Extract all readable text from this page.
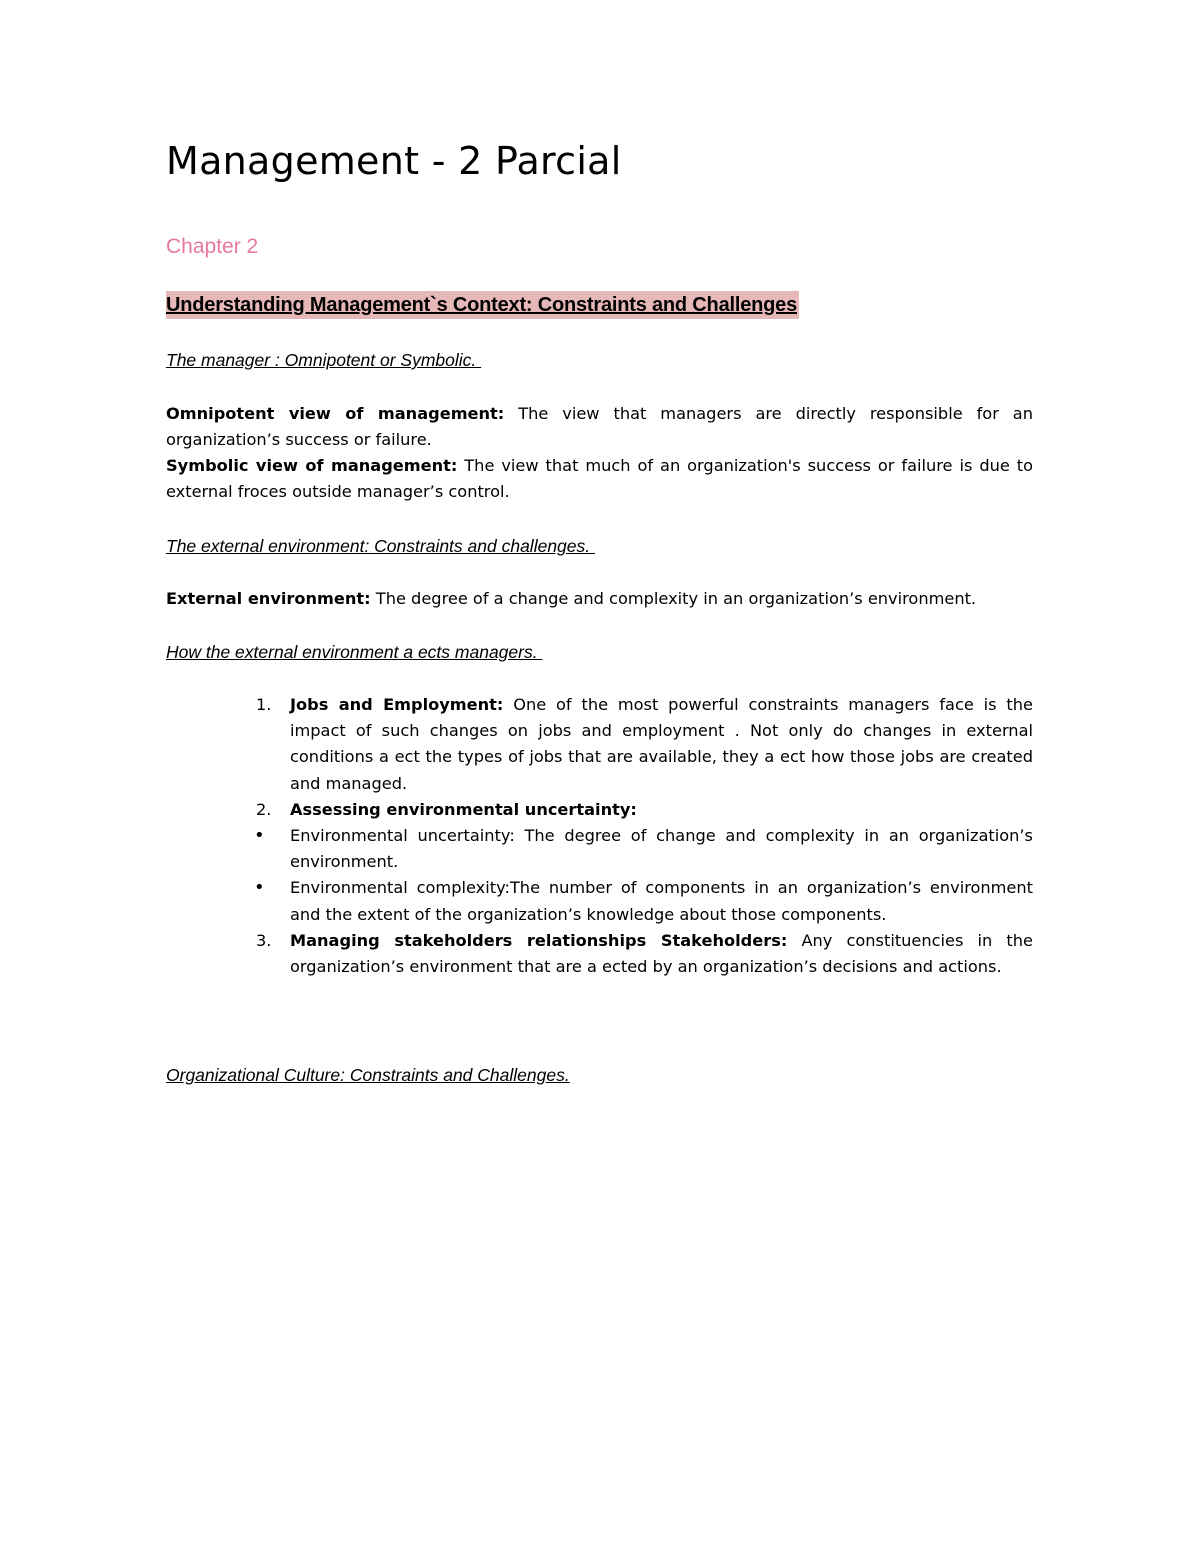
Management - 2 Parcial
Chapter 2
Understanding Management`s Context: Constraints and Challenges
The manager : Omnipotent or Symbolic.
Omnipotent view of management: The view that managers are directly responsible for an organization’s success or failure.
Symbolic view of management: The view that much of an organization's success or failure is due to external froces outside manager’s control.
The external environment: Constraints and challenges.
External environment: The degree of a change and complexity in an organization’s environment.
How the external environment a ects managers.
1.	Jobs and Employment: One of the most powerful constraints managers face is the impact of such changes on jobs and employment . Not only do changes in external conditions a ect the types of jobs that are available, they a ect how those jobs are created and managed.
2.	Assessing environmental uncertainty:
• Environmental uncertainty: The degree of change and complexity in an organization’s environment.
• Environmental complexity:The number of components in an organization’s environment and the extent of the organization’s knowledge about those components.
3.	Managing stakeholders relationships Stakeholders: Any constituencies in the organization’s environment that are a ected by an organization’s decisions and actions.
Organizational Culture: Constraints and Challenges.
